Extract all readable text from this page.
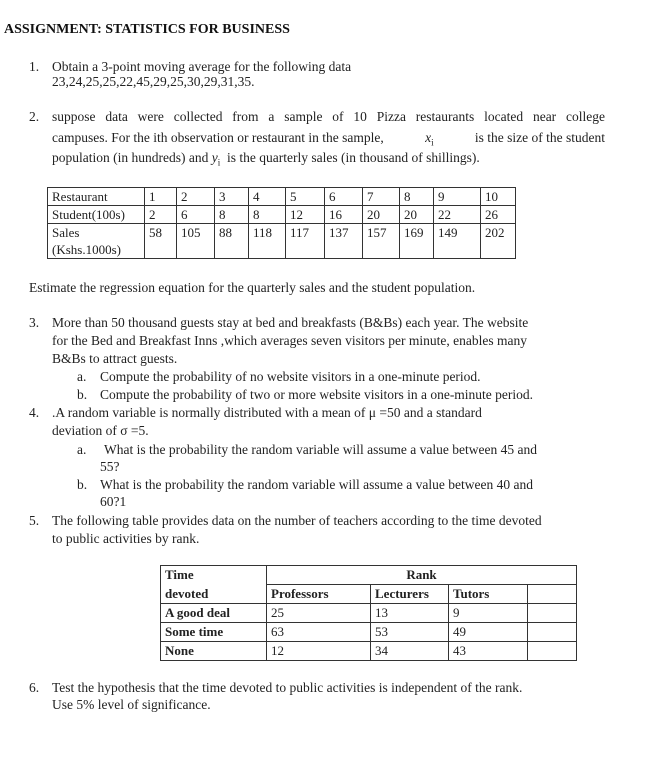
ASSIGNMENT: STATISTICS FOR BUSINESS
1. Obtain a 3-point moving average for the following data
23,24,25,25,22,45,29,25,30,29,31,35.
2. suppose data were collected from a sample of 10 Pizza restaurants located near college
campuses. For the ith observation or restaurant in the sample,	$x_i$	is the size of the student
population (in hundreds) and $y_i$ is the quarterly sales (in thousand of shillings).
Restaurant	1	2	3	4	5	6	7	8	9	10
Student(100s)	2	6	8	8	12	16	20	20	22	26
Sales
(Kshs.1000s)	58	105	88	118	117	137	157	169	149	202
Estimate the regression equation for the quarterly sales and the student population.
3. More than 50 thousand guests stay at bed and breakfasts (B&Bs) each year. The website
for the Bed and Breakfast Inns ,which averages seven visitors per minute, enables many
B&Bs to attract guests.
a. Compute the probability of no website visitors in a one-minute period.
b. Compute the probability of two or more website visitors in a one-minute period.
4. .A random variable is normally distributed with a mean of μ =50 and a standard
deviation of σ =5.
a. What is the probability the random variable will assume a value between 45 and
55?
b. What is the probability the random variable will assume a value between 40 and
60?1
5. The following table provides data on the number of teachers according to the time devoted
to public activities by rank.
Time	Rank			
devoted	Professors	Lecturers	Tutors	
A good deal	25	13	9	
Some time	63	53	49	
None	12	34	43	
6. Test the hypothesis that the time devoted to public activities is independent of the rank.
Use 5% level of significance.
